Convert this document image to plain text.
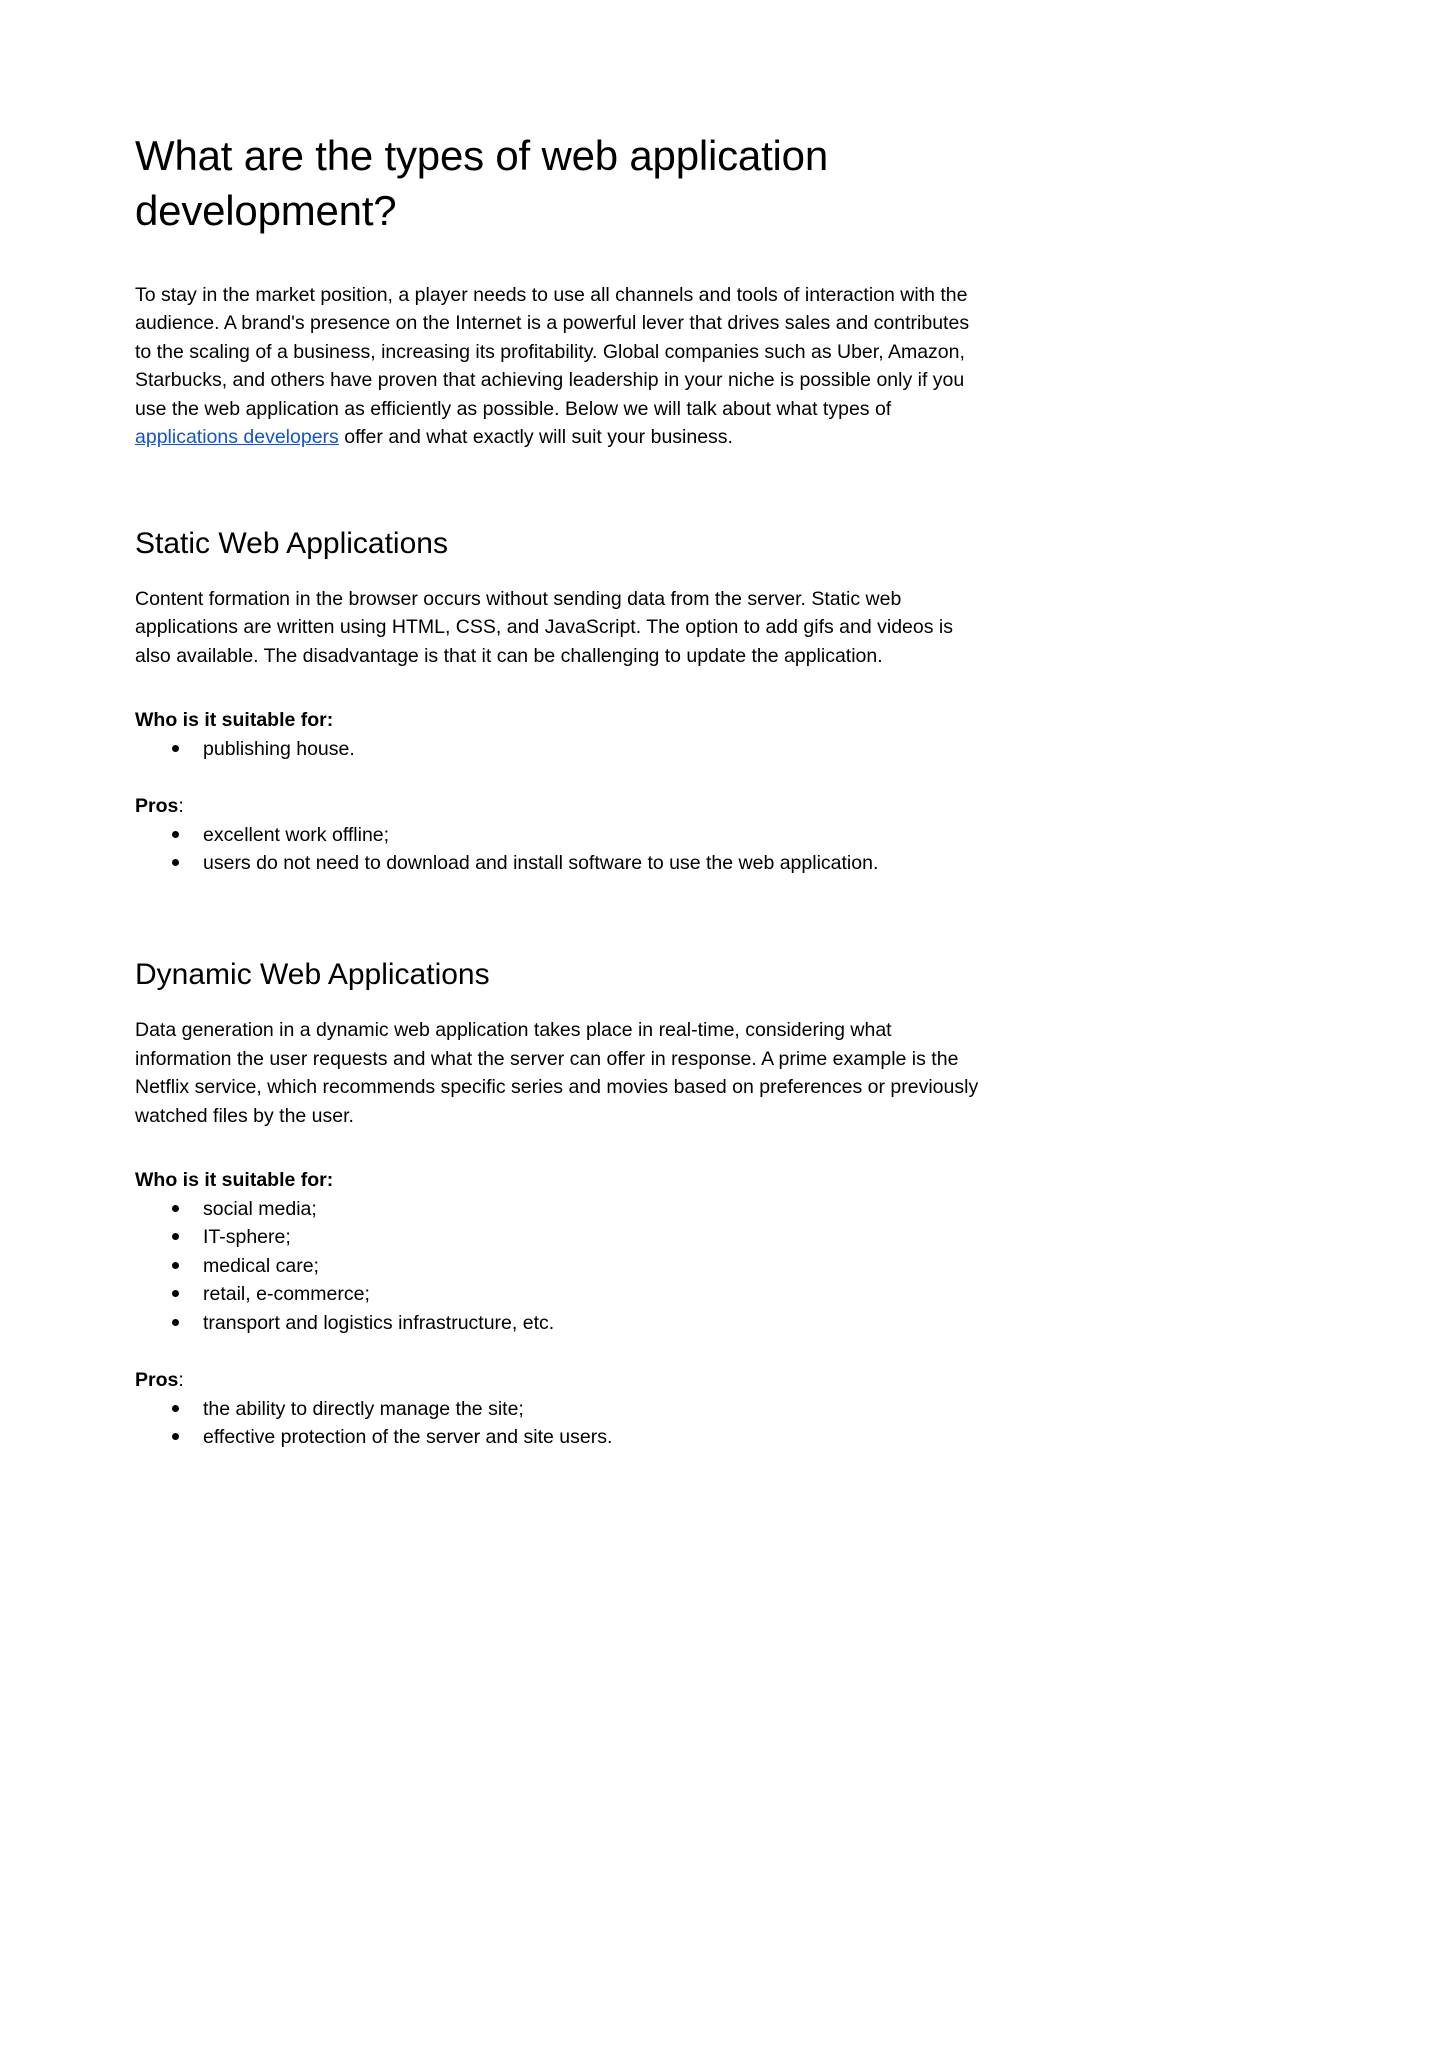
What are the types of web application development?

To stay in the market position, a player needs to use all channels and tools of interaction with the audience. A brand's presence on the Internet is a powerful lever that drives sales and contributes to the scaling of a business, increasing its profitability. Global companies such as Uber, Amazon, Starbucks, and others have proven that achieving leadership in your niche is possible only if you use the web application as efficiently as possible. Below we will talk about what types of applications developers offer and what exactly will suit your business.

Static Web Applications

Content formation in the browser occurs without sending data from the server. Static web applications are written using HTML, CSS, and JavaScript. The option to add gifs and videos is also available. The disadvantage is that it can be challenging to update the application.

Who is it suitable for:

publishing house.

Pros:

excellent work offline;
users do not need to download and install software to use the web application.
Dynamic Web Applications

Data generation in a dynamic web application takes place in real-time, considering what information the user requests and what the server can offer in response. A prime example is the Netflix service, which recommends specific series and movies based on preferences or previously watched files by the user.

Who is it suitable for:

social media;
IT-sphere;
medical care;
retail, e-commerce;
transport and logistics infrastructure, etc.

Pros:

the ability to directly manage the site;
effective protection of the server and site users.
